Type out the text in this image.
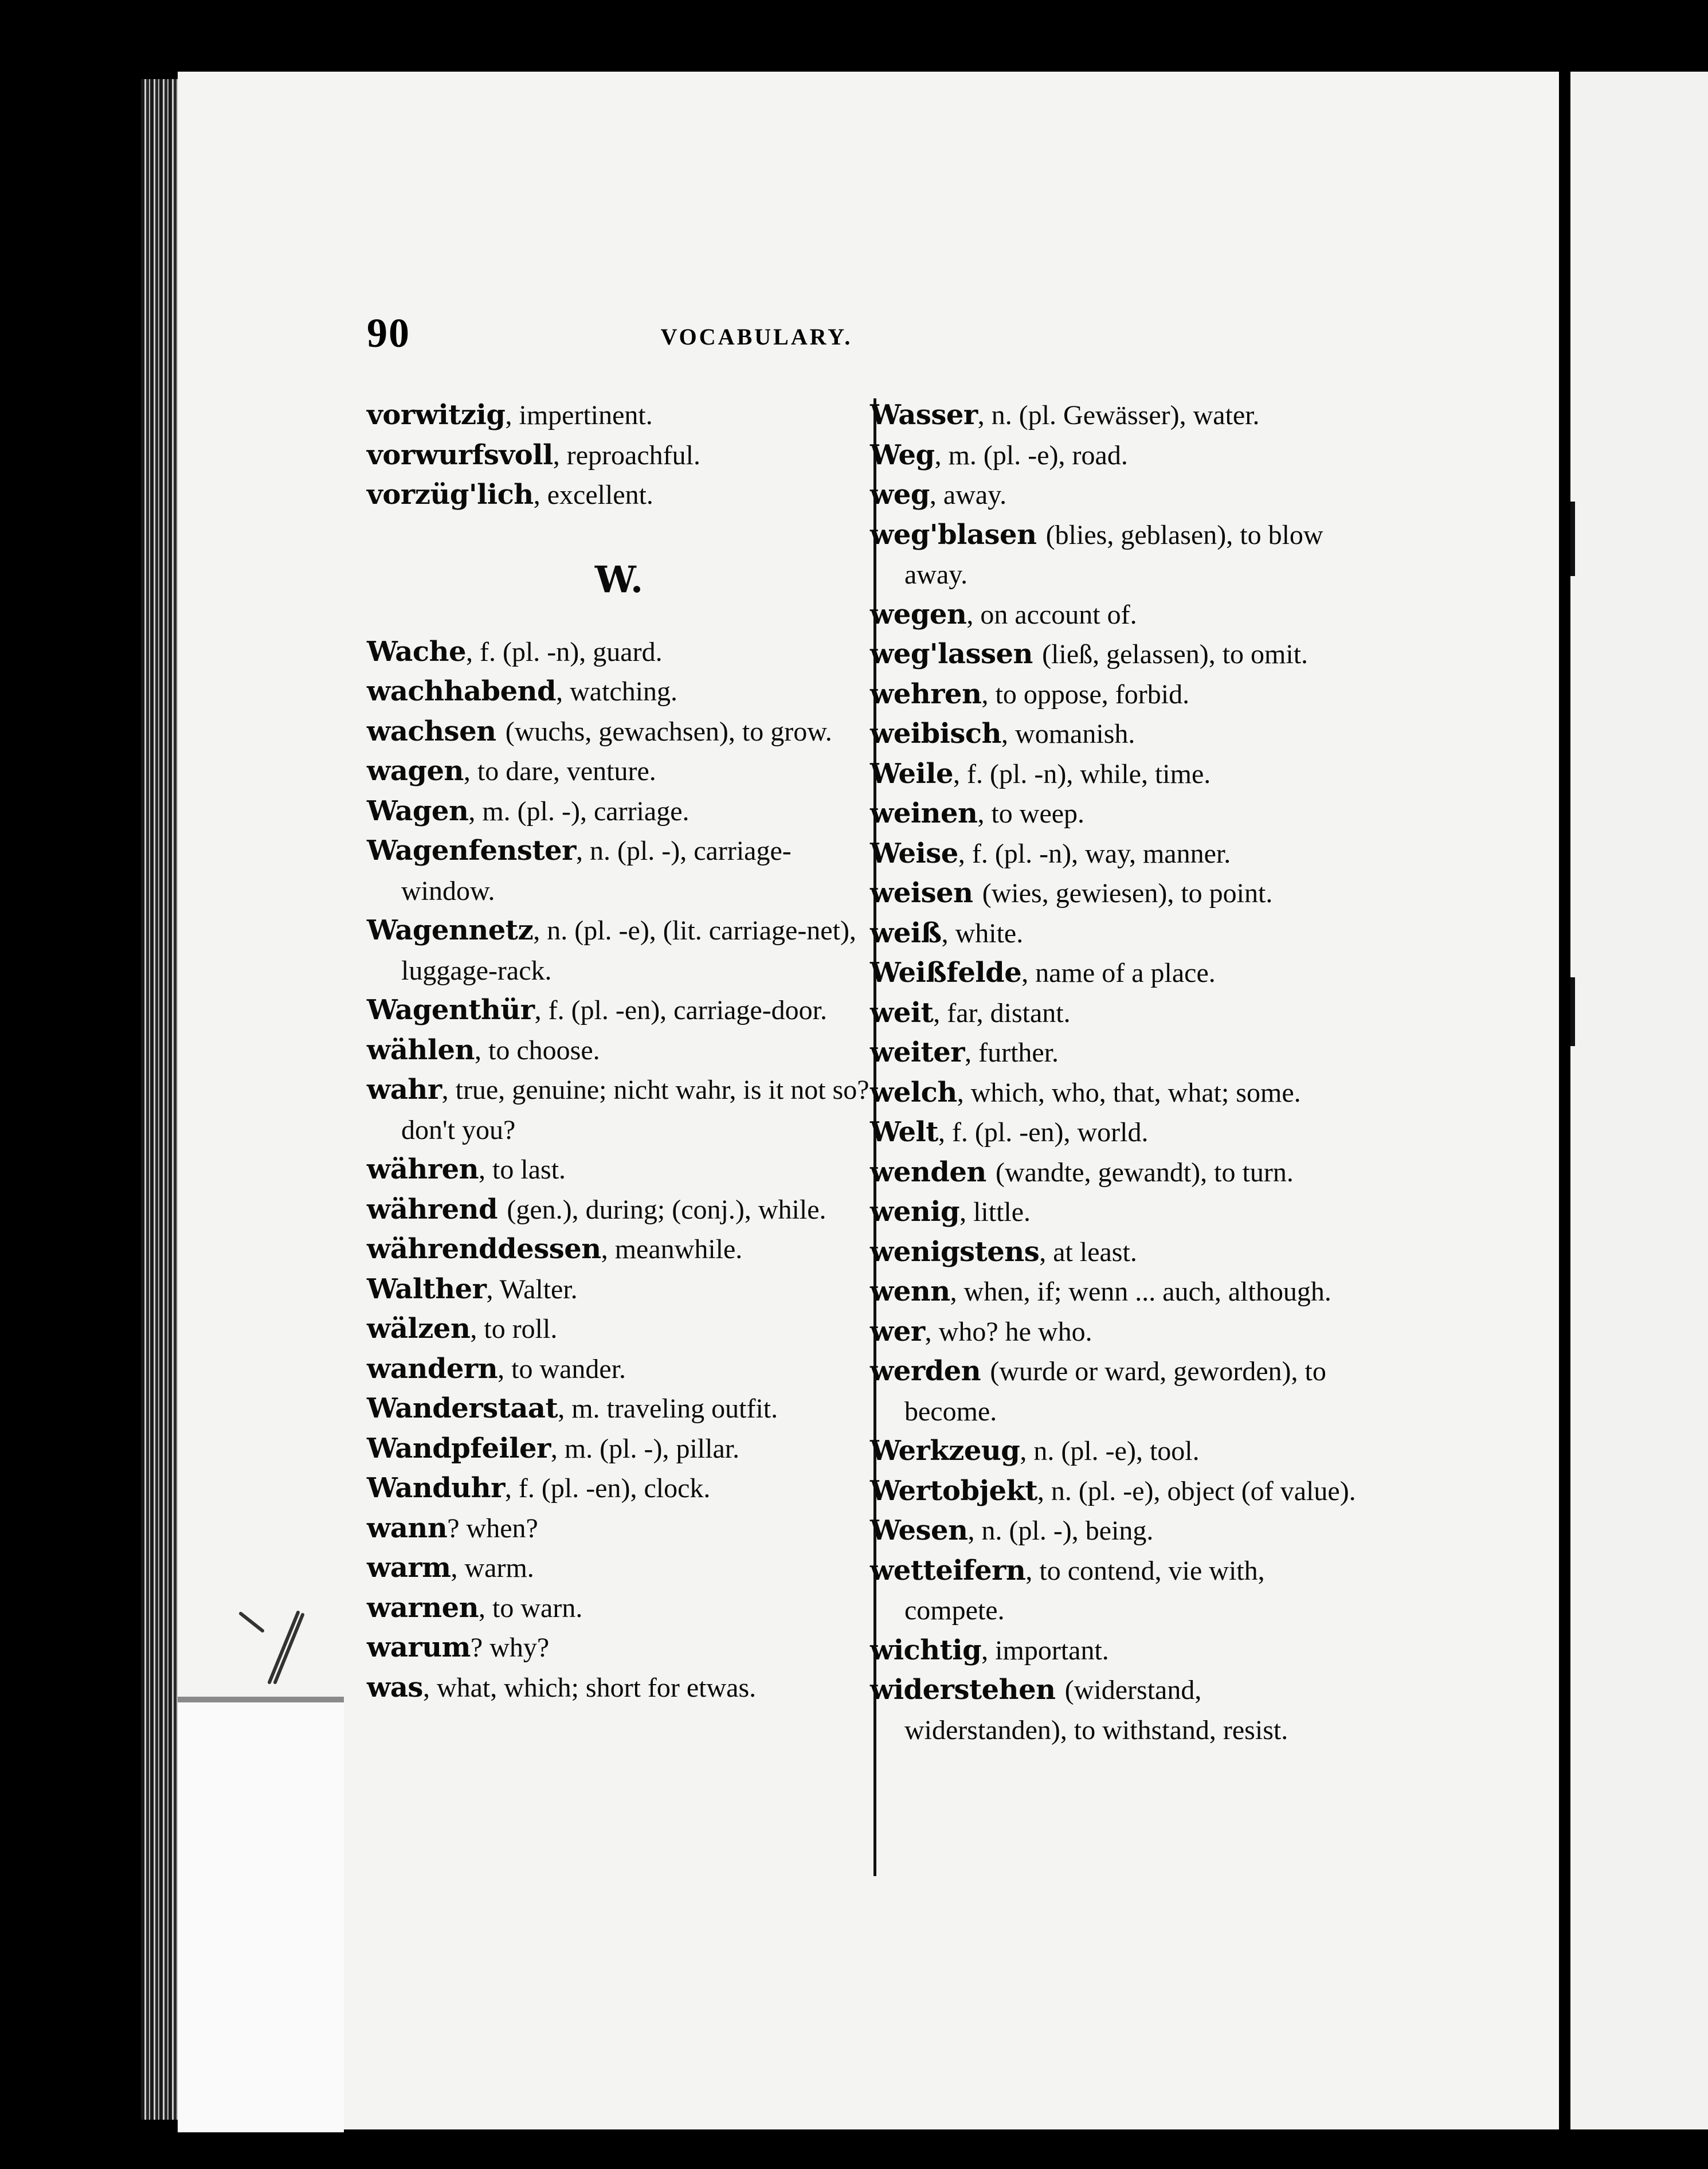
90	VOCABULARY.

vorwitzig, impertinent.

vorwurfsvoll, reproachful.

vorzüg'lich, excellent.

W.

Wache, f. (pl. -n), guard.

wachhabend, watching.

wachsen (wuchs, gewachsen), to grow.

wagen, to dare, venture.

Wagen, m. (pl. -), carriage.

Wagenfenster, n. (pl. -), carriage-window.

Wagennetz, n. (pl. -e), (lit. carriage-net), luggage-rack.

Wagenthür, f. (pl. -en), carriage-door.

wählen, to choose.

wahr, true, genuine; nicht wahr, is it not so? don't you?

währen, to last.

während (gen.), during; (conj.), while.

währenddessen, meanwhile.

Walther, Walter.

wälzen, to roll.

wandern, to wander.

Wanderstaat, m. traveling outfit.

Wandpfeiler, m. (pl. -), pillar.

Wanduhr, f. (pl. -en), clock.

wann? when?

warm, warm.

warnen, to warn.

warum? why?

was, what, which; short for etwas.

Wasser, n. (pl. Gewässer), water.

Weg, m. (pl. -e), road.

weg, away.

weg'blasen (blies, geblasen), to blow away.

wegen, on account of.

weg'lassen (ließ, gelassen), to omit.

wehren, to oppose, forbid.

weibisch, womanish.

Weile, f. (pl. -n), while, time.

weinen, to weep.

Weise, f. (pl. -n), way, manner.

weisen (wies, gewiesen), to point.

weiß, white.

Weißfelde, name of a place.

weit, far, distant.

weiter, further.

welch, which, who, that, what; some.

Welt, f. (pl. -en), world.

wenden (wandte, gewandt), to turn.

wenig, little.

wenigstens, at least.

wenn, when, if; wenn ... auch, although.

wer, who? he who.

werden (wurde or ward, geworden), to become.

Werkzeug, n. (pl. -e), tool.

Wertobjekt, n. (pl. -e), object (of value).

Wesen, n. (pl. -), being.

wetteifern, to contend, vie with, compete.

wichtig, important.

widerstehen (widerstand, widerstanden), to withstand, resist.
